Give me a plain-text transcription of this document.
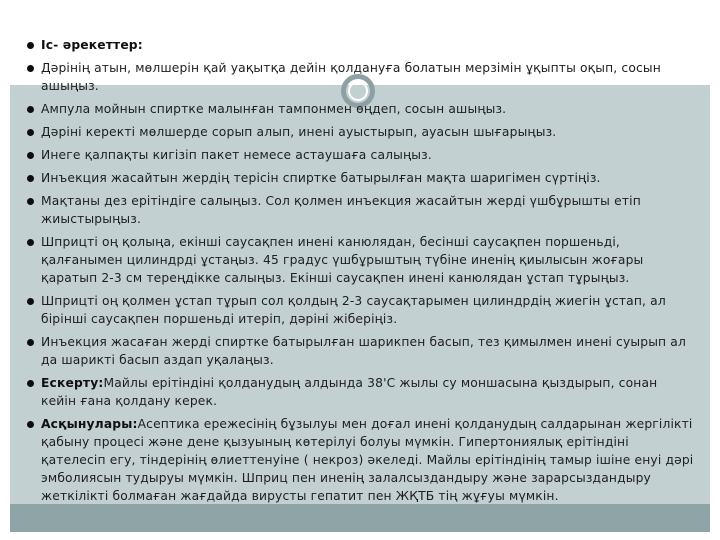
Іс- әрекеттер:
Дәрінің атын, мөлшерін қай уақытқа дейін қолдануға болатын мерзімін ұқыпты оқып, сосын ашыңыз.
Ампула мойнын спиртке малынған тампонмен өңдеп, сосын ашыңыз.
Дәріні керекті мөлшерде сорып алып, инені ауыстырып, ауасын шығарыңыз.
Инеге қалпақты кигізіп пакет немесе астаушаға салыңыз.
Инъекция жасайтын жердің терісін спиртке батырылған мақта шаригімен сүртіңіз.
Мақтаны дез ерітіндіге салыңыз. Сол қолмен инъекция жасайтын жерді үшбұрышты етіп жиыстырыңыз.
Шприцті оң қолыңа, екінші саусақпен инені канюлядан, бесінші саусақпен поршеньді, қалғанымен цилиндрді ұстаңыз. 45 градус үшбұрыштың түбіне иненің қиылысын жоғары қаратып 2-3 см тереңдікке салыңыз. Екінші саусақпен инені канюлядан ұстап тұрыңыз.
Шприцті оң қолмен ұстап тұрып сол қолдың 2-3 саусақтарымен цилиндрдің жиегін ұстап, ал бірінші саусақпен поршеньді итеріп, дәріні жіберіңіз.
Инъекция жасаған жерді спиртке батырылған шарикпен басып, тез қимылмен инені суырып ал да шарикті басып аздап уқалаңыз.
Ескерту:Майлы ерітіндіні қолданудың алдында 38'С жылы су моншасына қыздырып, сонан кейін ғана қолдану керек.
Асқынулары:Асептика ережесінің бұзылуы мен доғал инені қолданудың салдарынан жергілікті қабыну процесі және дене қызуының көтерілуі болуы мүмкін. Гипертониялық ерітіндіні қателесіп егу, тіндерінің өлиеттенуіне ( некроз) әкеледі. Майлы ерітіндінің тамыр ішіне енуі дәрі эмболиясын тудыруы мүмкін. Шприц пен иненің залалсыздандыру және зарарсыздандыру жеткілікті болмаған жағдайда вирусты гепатит пен ЖҚТБ тің жұғуы мүмкін.
